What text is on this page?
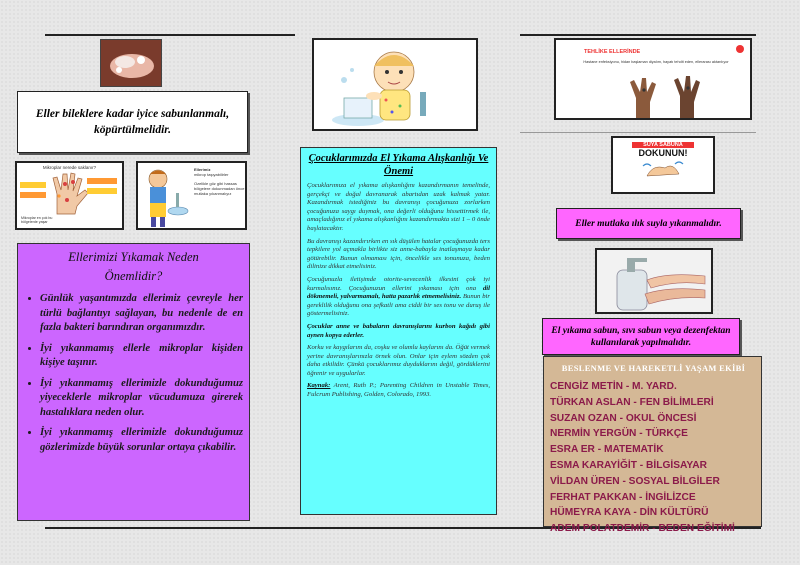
Eller bileklere kadar iyice sabunlanmalı, köpürtülmelidir.
Mikroplar nerede saklanır?
Mikroplar en çok bu bölgelerde yaşar
Ellerimiz
mikrop taşıyabilirler
Ozelikle göz gibi hassas bölgelere dokunmadan önce mutlaka yıkanmalıyız
Ellerimizi Yıkamak Neden
Önemlidir?
• Günlük yaşantımızda ellerimiz çevreyle her türlü bağlantıyı sağlayan, bu nedenle de en fazla bakteri barındıran organımızdır.
• İyi yıkanmamış ellerle mikroplar kişiden kişiye taşınır.
• İyi yıkanmamış ellerimizle dokunduğumuz yiyeceklerle mikroplar vücudumuza girerek hastalıklara neden olur.
• İyi yıkanmamış ellerimizle dokunduğumuz gözlerimizde büyük sorunlar ortaya çıkabilir.
Çocuklarımızda El Yıkama Alışkanlığı Ve Önemi

Çocuklarımıza el yıkama alışkanlığını kazandırmanın temelinde, gerçekçi ve doğal davranarak abartıdan uzak kalmak yatar. Kazandırmak istediğiniz bu davranışı çocuğunuza zorlarken çocuğunuza saygı duymak, ona değerli olduğunu hissettirmek ile, amaçladığınız el yıkama alışkanlığını kazandırmakta sizi 1 – 0 önde başlatacaktır.

Bu davranışı kazandırırken en sık düşülen hatalar çocuğunuzda ters tepkilere yol açmakla birlikte siz anne-babayla inatlaşmaya kadar götürebilir. Bunun olmaması için, öncelikle ses tonunuza, beden dilinize dikkat etmelisiniz.

Çocuğunuzla iletişimde otorite-sevecenlik ilkesini çok iyi kurmalısınız. Çocuğunuzun ellerini yıkaması için ona dil dökmemeli, yalvarmamalı, hatta pazarlık etmemelisiniz. Bunun bir gereklilik olduğunu ona şefkatli ama ciddi bir ses tonu ve duruş ile göstermelisiniz.

Çocuklar anne ve babaların davranışlarını kurbon kağıdı gibi aynen kopya ederler.

Korku ve kaygılarını da, coşku ve olumlu kaylarını da. Öğüt vermek yerine davranışlarınızla örnek olun. Onlar için eylem sözden çok daha etkilidir. Çünkü çocuklarımız duyduklarını değil, gördüklerini öğrenir ve uygularlar.

Kaynak: Arent, Ruth P.; Parenting Children in Unstable Times, Fulcrum Publishing, Golden, Colorado, 1993.

TEHLİKE ELLERİNDE
Hastane enfeksiyonu, hidan başlaman diyalım, hayatı tehdit eden, ellerarası aktarılıyor
SUYA SABUNA
DOKUNUN!
Eller mutlaka ılık suyla yıkanmalıdır.
El yıkama sabun, sıvı sabun veya dezenfektan kullanılarak yapılmalıdır.
BESLENME VE HAREKETLİ YAŞAM EKİBİ
CENGİZ METİN - M. YARD.
TÜRKAN ASLAN - FEN BİLİMLERİ
SUZAN OZAN - OKUL ÖNCESİ
NERMİN YERGÜN - TÜRKÇE
ESRA ER - MATEMATİK
ESMA KARAYİĞİT - BİLGİSAYAR
VİLDAN ÜREN - SOSYAL BİLGİLER
FERHAT PAKKAN - İNGİLİZCE
HÜMEYRA KAYA - DİN KÜLTÜRÜ
ADEM POLATDEMİR - BEDEN EĞİTİMİ
